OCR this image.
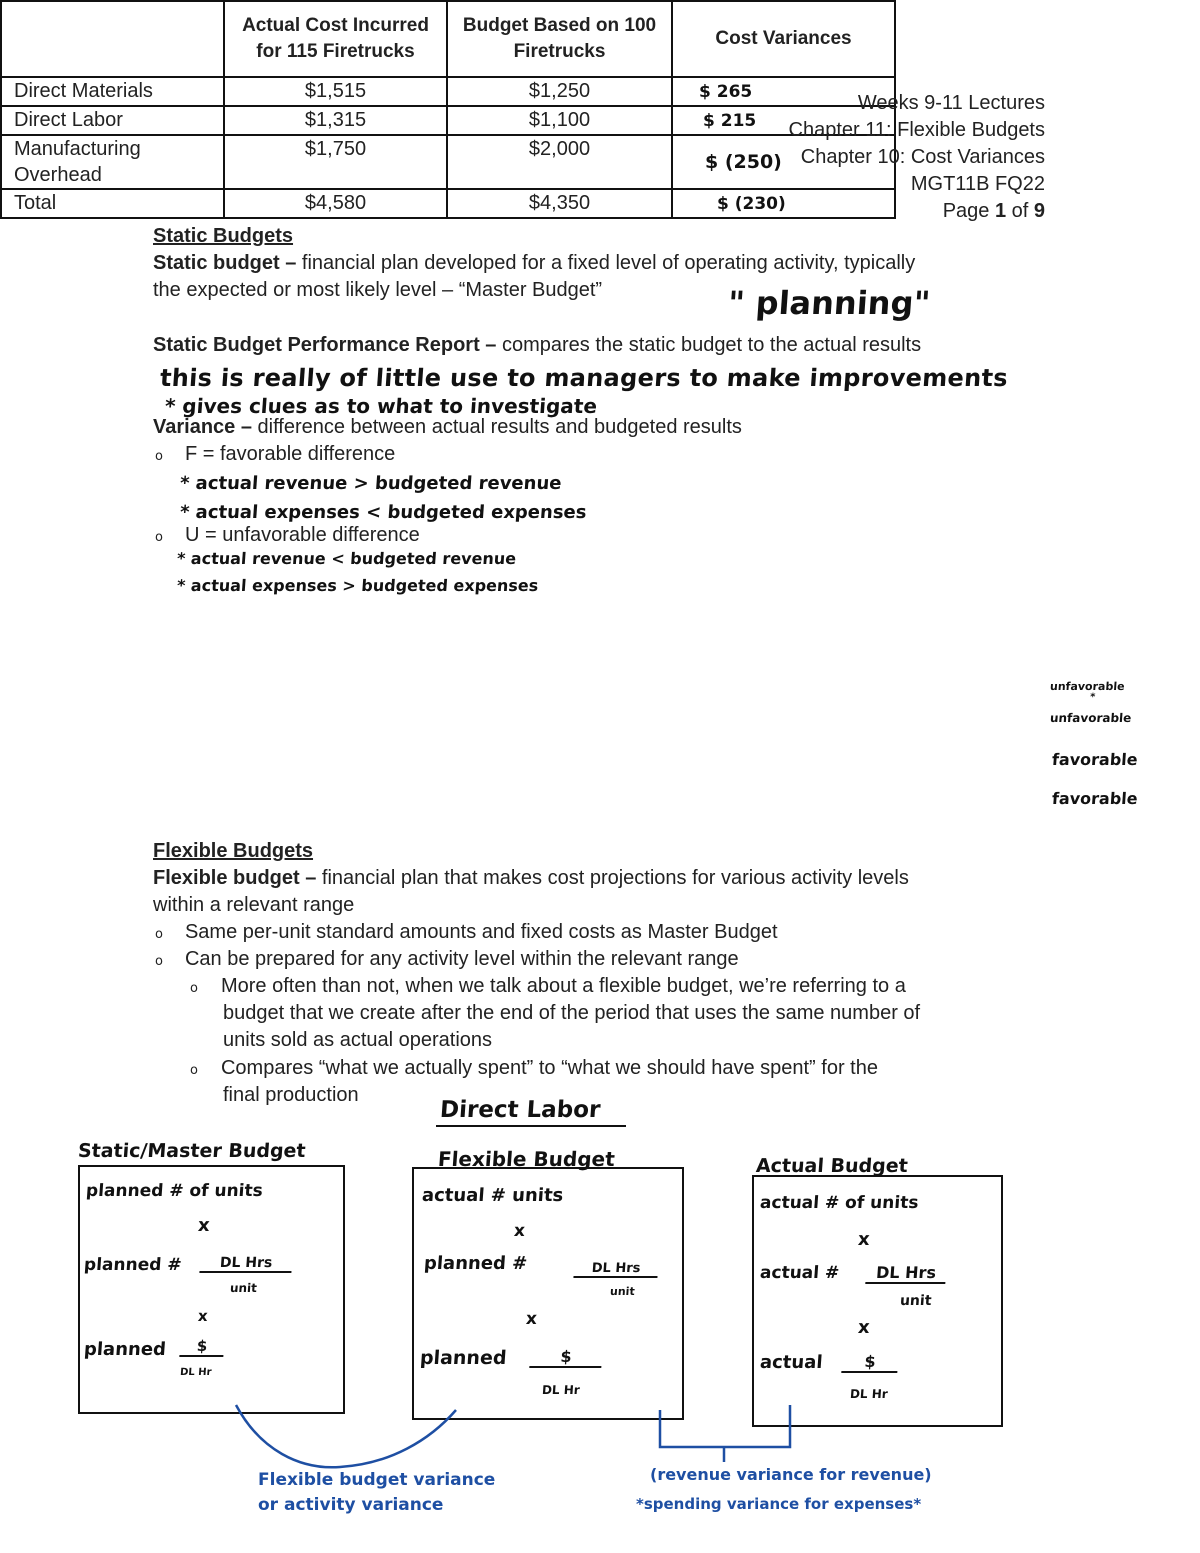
Weeks 9-11 Lectures
Chapter 11: Flexible Budgets
Chapter 10: Cost Variances
MGT11B FQ22
Page 1 of 9
Static Budgets
Static budget – financial plan developed for a fixed level of operating activity, typically
the expected or most likely level – “Master Budget”	" planning"
Static Budget Performance Report – compares the static budget to the actual results
this is really of little use to managers to make improvements
* gives clues as to what to investigate
Variance – difference between actual results and budgeted results
o F = favorable difference
* actual revenue > budgeted revenue
* actual expenses < budgeted expenses
o U = unfavorable difference
* actual revenue < budgeted revenue
* actual expenses > budgeted expenses
	Actual Cost Incurred for 115 Firetrucks	Budget Based on 100 Firetrucks	Cost Variances
Direct Materials	$1,515	$1,250	$ 265
Direct Labor	$1,315	$1,100	$ 215
Manufacturing Overhead	$1,750	$2,000	$ (250)
Total	$4,580	$4,350	$ (230)
unfavorable
*
unfavorable
favorable
favorable
Flexible Budgets
Flexible budget – financial plan that makes cost projections for various activity levels
within a relevant range
o Same per-unit standard amounts and fixed costs as Master Budget
o Can be prepared for any activity level within the relevant range
o More often than not, when we talk about a flexible budget, we’re referring to a
budget that we create after the end of the period that uses the same number of
units sold as actual operations
o Compares “what we actually spent” to “what we should have spent” for the
final production
Direct Labor
Static/Master Budget	Flexible Budget	Actual Budget
planned # of units
x
planned #	DL Hrs
unit
x
planned	$
DL Hr
actual # units
x
planned #	DL Hrs
unit
x
planned	$
DL Hr
actual # of units
x
actual #	DL Hrs
unit
x
actual	$
DL Hr
Flexible budget variance
or activity variance
(revenue variance for revenue)
*spending variance for expenses*
